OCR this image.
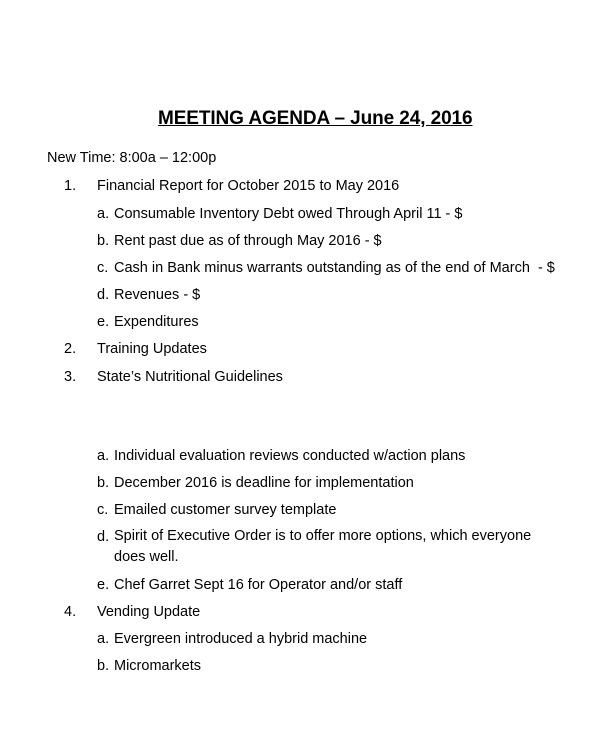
MEETING AGENDA – June 24, 2016
New Time: 8:00a – 12:00p
1. Financial Report for October 2015 to May 2016
a. Consumable Inventory Debt owed Through April 11 - $
b. Rent past due as of through May 2016 - $
c. Cash in Bank minus warrants outstanding as of the end of March  - $
d. Revenues - $
e. Expenditures
2. Training Updates
3. State’s Nutritional Guidelines
a. Individual evaluation reviews conducted w/action plans
b. December 2016 is deadline for implementation
c. Emailed customer survey template
d. Spirit of Executive Order is to offer more options, which everyone does well.
e. Chef Garret Sept 16 for Operator and/or staff
4. Vending Update
a. Evergreen introduced a hybrid machine
b. Micromarkets
